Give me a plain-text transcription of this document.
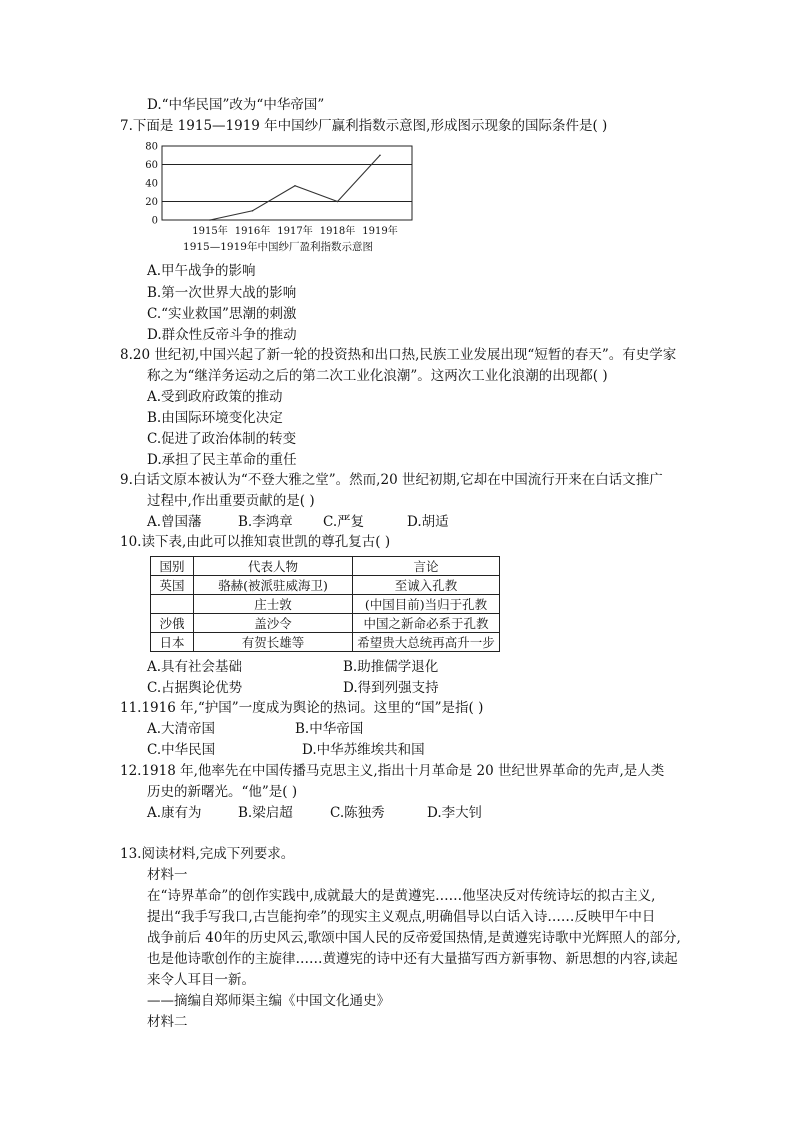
D.“中华民国”改为“中华帝国”
7.下面是 1915—1919 年中国纱厂赢利指数示意图,形成图示现象的国际条件是( )
0
20
40
60
80
1915年 1916年 1917年 1918年 1919年
1915—1919年中国纱厂盈利指数示意图
A.甲午战争的影响
B.第一次世界大战的影响
C.“实业救国”思潮的刺激
D.群众性反帝斗争的推动
8.20 世纪初,中国兴起了新一轮的投资热和出口热,民族工业发展出现“短暂的春天”。有史学家
称之为“继洋务运动之后的第二次工业化浪潮”。这两次工业化浪潮的出现都( )
A.受到政府政策的推动
B.由国际环境变化决定
C.促进了政治体制的转变
D.承担了民主革命的重任
9.白话文原本被认为“不登大雅之堂”。然而,20 世纪初期,它却在中国流行开来在白话文推广
过程中,作出重要贡献的是( )
A.曾国藩	B.李鸿章 C.严复	D.胡适
10.读下表,由此可以推知袁世凯的尊孔复古( )
国别	代表人物	言论
英国	骆赫(被派驻威海卫)	至诚入孔教
	庄士敦	(中国目前)当归于孔教
沙俄	盖沙令	中国之新命必系于孔教
日本	有贺长雄等	希望贵大总统再高升一步
A.具有社会基础	B.助推儒学退化
C.占据舆论优势	D.得到列强支持
11.1916 年,“护国”一度成为舆论的热词。这里的“国”是指( )
A.大清帝国	B.中华帝国
C.中华民国	D.中华苏维埃共和国
12.1918 年,他率先在中国传播马克思主义,指出十月革命是 20 世纪世界革命的先声,是人类
历史的新曙光。“他”是( )
A.康有为	B.梁启超	C.陈独秀	D.李大钊
13.阅读材料,完成下列要求。
材料一
在“诗界革命”的创作实践中,成就最大的是黄遵宪……他坚决反对传统诗坛的拟古主义,
提出“我手写我口,古岂能拘牵”的现实主义观点,明确倡导以白话入诗……反映甲午中日
战争前后 40年的历史风云,歌颂中国人民的反帝爱国热情,是黄遵宪诗歌中光辉照人的部分,
也是他诗歌创作的主旋律……黄遵宪的诗中还有大量描写西方新事物、新思想的内容,读起
来令人耳目一新。
——摘编自郑师渠主编《中国文化通史》
材料二
